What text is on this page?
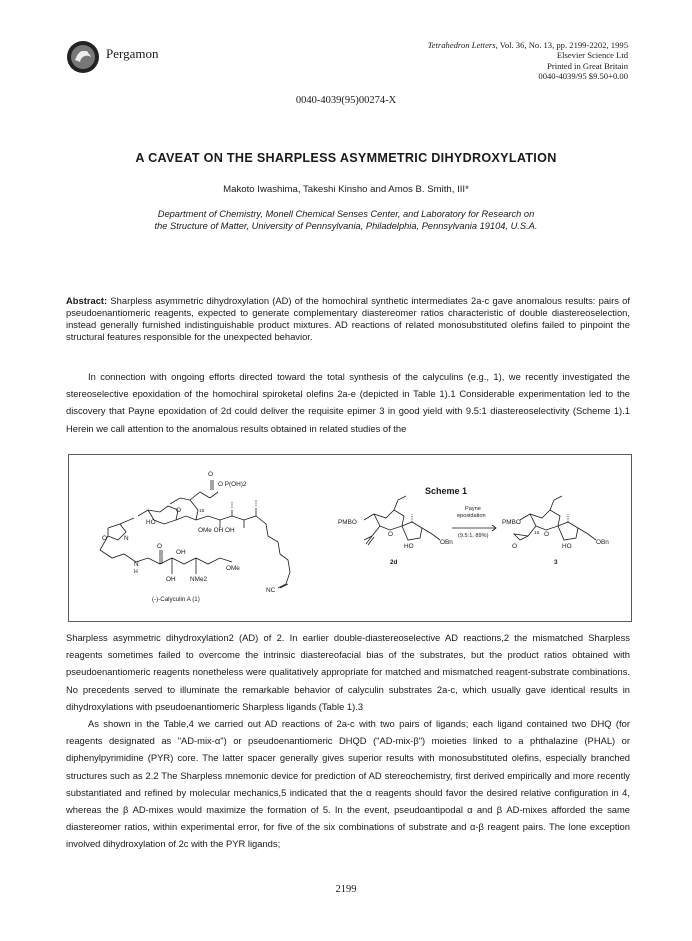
Pergamon
Tetrahedron Letters, Vol. 36, No. 13, pp. 2199-2202, 1995
Elsevier Science Ltd
Printed in Great Britain
0040-4039/95 $9.50+0.00
0040-4039(95)00274-X
A CAVEAT ON THE SHARPLESS ASYMMETRIC DIHYDROXYLATION
Makoto Iwashima, Takeshi Kinsho and Amos B. Smith, III*
Department of Chemistry, Monell Chemical Senses Center, and Laboratory for Research on
the Structure of Matter, University of Pennsylvania, Philadelphia, Pennsylvania 19104, U.S.A.
Abstract: Sharpless asymmetric dihydroxylation (AD) of the homochiral synthetic intermediates 2a-c gave anomalous results: pairs of pseudoenantiomeric reagents, expected to generate complementary diastereomer ratios characteristic of double diastereoselection, instead generally furnished indistinguishable product mixtures. AD reactions of related monosubstituted olefins failed to pinpoint the structural features responsible for the unexpected behavior.

In connection with ongoing efforts directed toward the total synthesis of the calyculins (e.g., 1), we recently investigated the stereoselective epoxidation of the homochiral spiroketal olefins 2a-e (depicted in Table 1).1 Considerable experimentation led to the discovery that Payne epoxidation of 2d could deliver the requisite epimer 3 in good yield with 9.5:1 diastereoselectivity (Scheme 1).1 Herein we call attention to the anomalous results obtained in related studies of the

O
O P(OH)2
HO
O	15
OMe OH OH
N
O
O
OH
N
H	OMe
OH NMe2
NC
(-)-Calyculin A (1)
Scheme 1
PMBO
O
HO
OBn
2d
Payne
epoxidation
(9.5:1, 89%)
PMBO
O
O
15
HO
OBn
3

Sharpless asymmetric dihydroxylation2 (AD) of 2. In earlier double-diastereoselective AD reactions,2 the mismatched Sharpless reagents sometimes failed to overcome the intrinsic diastereofacial bias of the substrates, but the product ratios obtained with pseudoenantiomeric reagents nonetheless were qualitatively appropriate for matched and mismatched reagent-substrate combinations. No precedents served to illuminate the remarkable behavior of calyculin substrates 2a-c, which usually gave identical results in dihydroxylations with pseudoenantiomeric Sharpless ligands (Table 1).3

As shown in the Table,4 we carried out AD reactions of 2a-c with two pairs of ligands; each ligand contained two DHQ (for reagents designated as "AD-mix-α") or pseudoenantiomeric DHQD ("AD-mix-β") moieties linked to a phthalazine (PHAL) or diphenylpyrimidine (PYR) core. The latter spacer generally gives superior results with monosubstituted olefins, especially branched structures such as 2.2 The Sharpless mnemonic device for prediction of AD stereochemistry, first derived empirically and more recently substantiated and refined by molecular mechanics,5 indicated that the α reagents should favor the desired relative configuration in 4, whereas the β AD-mixes would maximize the formation of 5. In the event, pseudoantipodal α and β AD-mixes afforded the same diastereomer ratios, within experimental error, for five of the six combinations of substrate and α-β reagent pairs. The lone exception involved dihydroxylation of 2c with the PYR ligands;

2199
